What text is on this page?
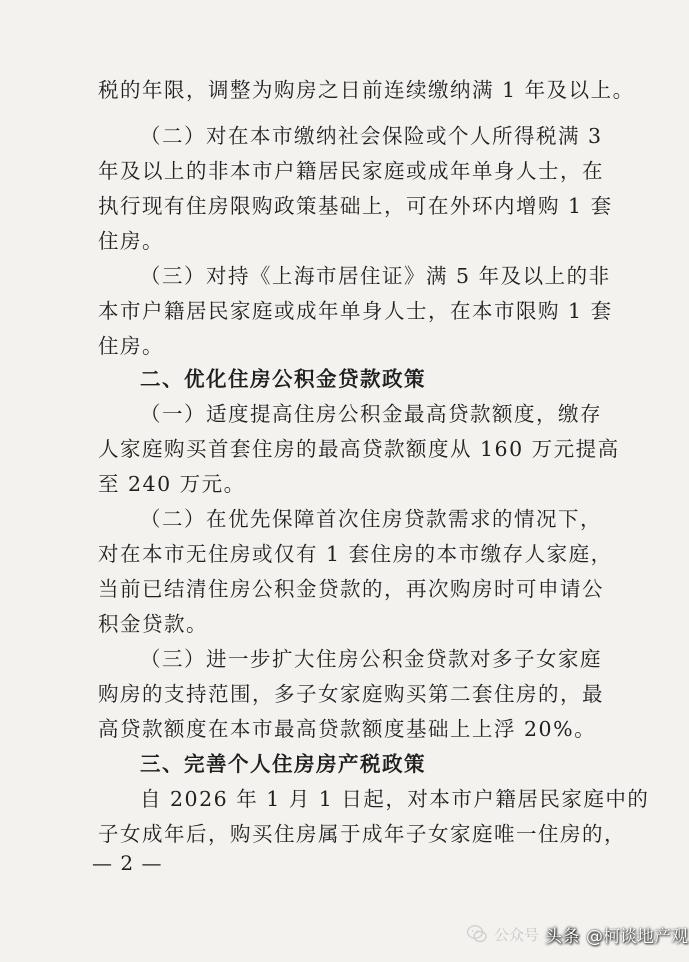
税的年限，调整为购房之日前连续缴纳满 1 年及以上。
（二）对在本市缴纳社会保险或个人所得税满 3
年及以上的非本市户籍居民家庭或成年单身人士，在
执行现有住房限购政策基础上，可在外环内增购 1 套
住房。
（三）对持《上海市居住证》满 5 年及以上的非
本市户籍居民家庭或成年单身人士，在本市限购 1 套
住房。
二、优化住房公积金贷款政策
（一）适度提高住房公积金最高贷款额度，缴存
人家庭购买首套住房的最高贷款额度从 160 万元提高
至 240 万元。
（二）在优先保障首次住房贷款需求的情况下，
对在本市无住房或仅有 1 套住房的本市缴存人家庭，
当前已结清住房公积金贷款的，再次购房时可申请公
积金贷款。
（三）进一步扩大住房公积金贷款对多子女家庭
购房的支持范围，多子女家庭购买第二套住房的，最
高贷款额度在本市最高贷款额度基础上上浮 20%。
三、完善个人住房房产税政策
自 2026 年 1 月 1 日起，对本市户籍居民家庭中的
子女成年后，购买住房属于成年子女家庭唯一住房的，
— 2 —
公众号 头条 @柯谈地产观
